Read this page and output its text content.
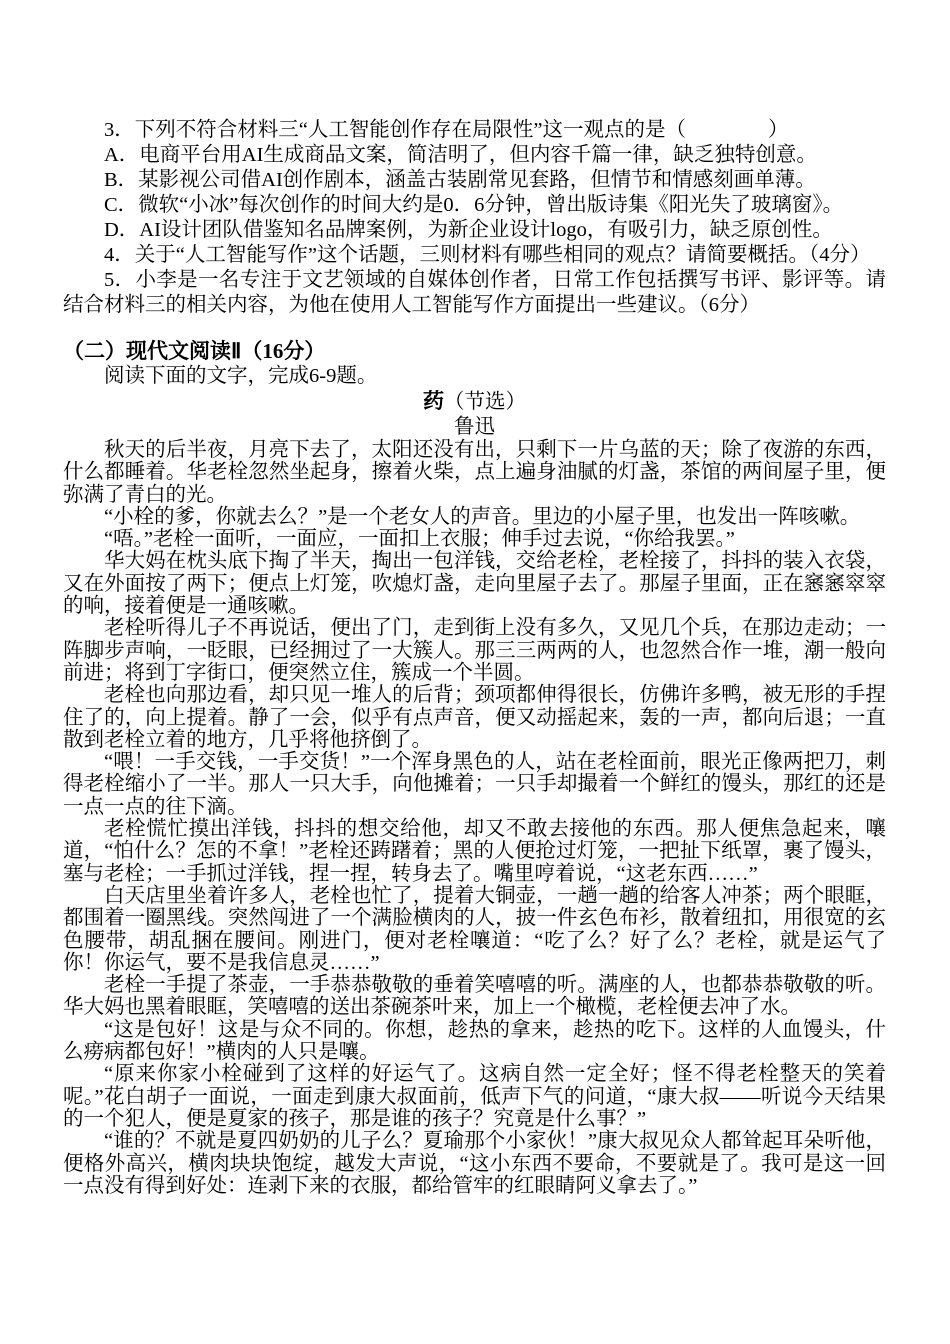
3．下列不符合材料三“人工智能创作存在局限性”这一观点的是（　　　　）

A．电商平台用AI生成商品文案，简洁明了，但内容千篇一律，缺乏独特创意。

B．某影视公司借AI创作剧本，涵盖古装剧常见套路，但情节和情感刻画单薄。

C．微软“小冰”每次创作的时间大约是0．6分钟，曾出版诗集《阳光失了玻璃窗》。

D．AI设计团队借鉴知名品牌案例，为新企业设计logo，有吸引力，缺乏原创性。

4．关于“人工智能写作”这个话题，三则材料有哪些相同的观点？请简要概括。（4分）

5．小李是一名专注于文艺领域的自媒体创作者，日常工作包括撰写书评、影评等。请结合材料三的相关内容，为他在使用人工智能写作方面提出一些建议。（6分）

（二）现代文阅读Ⅱ（16分）

阅读下面的文字，完成6-9题。

药（节选）
鲁迅

秋天的后半夜，月亮下去了，太阳还没有出，只剩下一片乌蓝的天；除了夜游的东西，什么都睡着。华老栓忽然坐起身，擦着火柴，点上遍身油腻的灯盏，茶馆的两间屋子里，便弥满了青白的光。

“小栓的爹，你就去么？”是一个老女人的声音。里边的小屋子里，也发出一阵咳嗽。

“唔。”老栓一面听，一面应，一面扣上衣服；伸手过去说，“你给我罢。”

华大妈在枕头底下掏了半天，掏出一包洋钱，交给老栓，老栓接了，抖抖的装入衣袋，又在外面按了两下；便点上灯笼，吹熄灯盏，走向里屋子去了。那屋子里面，正在窸窸窣窣的响，接着便是一通咳嗽。

老栓听得儿子不再说话，便出了门，走到街上没有多久，又见几个兵，在那边走动；一阵脚步声响，一眨眼，已经拥过了一大簇人。那三三两两的人，也忽然合作一堆，潮一般向前进；将到丁字街口，便突然立住，簇成一个半圆。

老栓也向那边看，却只见一堆人的后背；颈项都伸得很长，仿佛许多鸭，被无形的手捏住了的，向上提着。静了一会，似乎有点声音，便又动摇起来，轰的一声，都向后退；一直散到老栓立着的地方，几乎将他挤倒了。

“喂！一手交钱，一手交货！”一个浑身黑色的人，站在老栓面前，眼光正像两把刀，刺得老栓缩小了一半。那人一只大手，向他摊着；一只手却撮着一个鲜红的馒头，那红的还是一点一点的往下滴。

老栓慌忙摸出洋钱，抖抖的想交给他，却又不敢去接他的东西。那人便焦急起来，嚷道，“怕什么？怎的不拿！”老栓还踌躇着；黑的人便抢过灯笼，一把扯下纸罩，裹了馒头，塞与老栓；一手抓过洋钱，捏一捏，转身去了。嘴里哼着说，“这老东西……”

白天店里坐着许多人，老栓也忙了，提着大铜壶，一趟一趟的给客人冲茶；两个眼眶，都围着一圈黑线。突然闯进了一个满脸横肉的人，披一件玄色布衫，散着纽扣，用很宽的玄色腰带，胡乱捆在腰间。刚进门，便对老栓嚷道：“吃了么？好了么？老栓，就是运气了你！你运气，要不是我信息灵……”

老栓一手提了茶壶，一手恭恭敬敬的垂着笑嘻嘻的听。满座的人，也都恭恭敬敬的听。华大妈也黑着眼眶，笑嘻嘻的送出茶碗茶叶来，加上一个橄榄，老栓便去冲了水。

“这是包好！这是与众不同的。你想，趁热的拿来，趁热的吃下。这样的人血馒头，什么痨病都包好！”横肉的人只是嚷。

“原来你家小栓碰到了这样的好运气了。这病自然一定全好；怪不得老栓整天的笑着呢。”花白胡子一面说，一面走到康大叔面前，低声下气的问道，“康大叔——听说今天结果的一个犯人，便是夏家的孩子，那是谁的孩子？究竟是什么事？”

“谁的？不就是夏四奶奶的儿子么？夏瑜那个小家伙！”康大叔见众人都耸起耳朵听他，便格外高兴，横肉块块饱绽，越发大声说，“这小东西不要命，不要就是了。我可是这一回一点没有得到好处：连剥下来的衣服，都给管牢的红眼睛阿义拿去了。”
